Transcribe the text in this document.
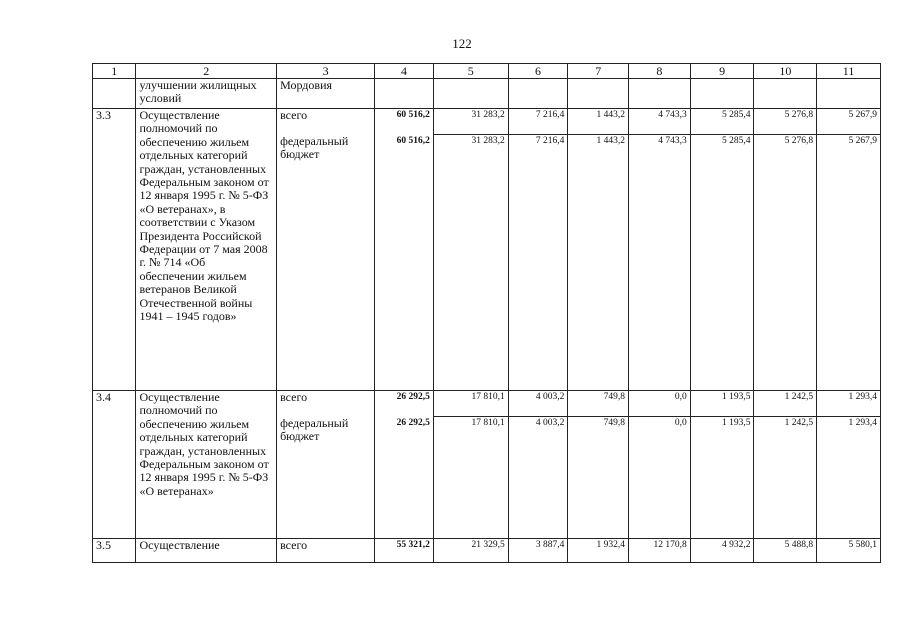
122
1	2	3	4	5	6	7	8	9	10	11
	улучшении жилищных условий	Мордовия								
3.3	Осуществление полномочий по обеспечению жильем отдельных категорий граждан, установленных Федеральным законом от 12 января 1995 г. № 5-ФЗ «О ветеранах», в соответствии с Указом Президента Российской Федерации от 7 мая 2008 г. № 714 «Об обеспечении жильем ветеранов Великой Отечественной войны 1941 – 1945 годов»	всего	60 516,2	31 283,2	7 216,4	1 443,2	4 743,3	5 285,4	5 276,8	5 267,9
		федеральный бюджет	60 516,2	31 283,2	7 216,4	1 443,2	4 743,3	5 285,4	5 276,8	5 267,9
3.4	Осуществление полномочий по обеспечению жильем отдельных категорий граждан, установленных Федеральным законом от 12 января 1995 г. № 5-ФЗ «О ветеранах»	всего	26 292,5	17 810,1	4 003,2	749,8	0,0	1 193,5	1 242,5	1 293,4
		федеральный бюджет	26 292,5	17 810,1	4 003,2	749,8	0,0	1 193,5	1 242,5	1 293,4
3.5	Осуществление	всего	55 321,2	21 329,5	3 887,4	1 932,4	12 170,8	4 932,2	5 488,8	5 580,1
